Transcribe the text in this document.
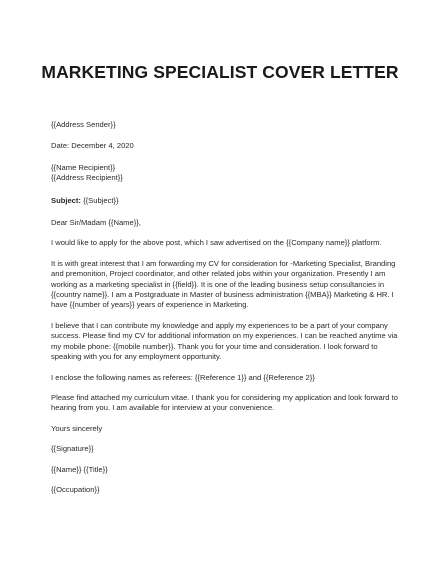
MARKETING SPECIALIST COVER LETTER

{{Address Sender}}

Date: December 4, 2020

{{Name Recipient}}

{{Address Recipient}}

Subject: {{Subject}}

Dear Sir/Madam {{Name}},

I would like to apply for the above post, which I saw advertised on the {{Company name}} platform.

It is with great interest that I am forwarding my CV for consideration for -Marketing Specialist, Branding and premonition, Project coordinator, and other related jobs within your organization. Presently I am working as a marketing specialist in {{field}}. It is one of the leading business setup consultancies in {{country name}}. I am a Postgraduate in Master of business administration {{MBA}} Marketing & HR. I have {{number of years}} years of experience in Marketing.

I believe that I can contribute my knowledge and apply my experiences to be a part of your company success. Please find my CV for additional information on my experiences. I can be reached anytime via my mobile phone: {{mobile number}}. Thank you for your time and consideration. I look forward to speaking with you for any employment opportunity.

I enclose the following names as referees: {{Reference 1}} and {{Reference 2}}

Please find attached my curriculum vitae. I thank you for considering my application and look forward to hearing from you. I am available for interview at your convenience.

Yours sincerely

{{Signature}}

{{Name}} {{Title}}

{{Occupation}}
